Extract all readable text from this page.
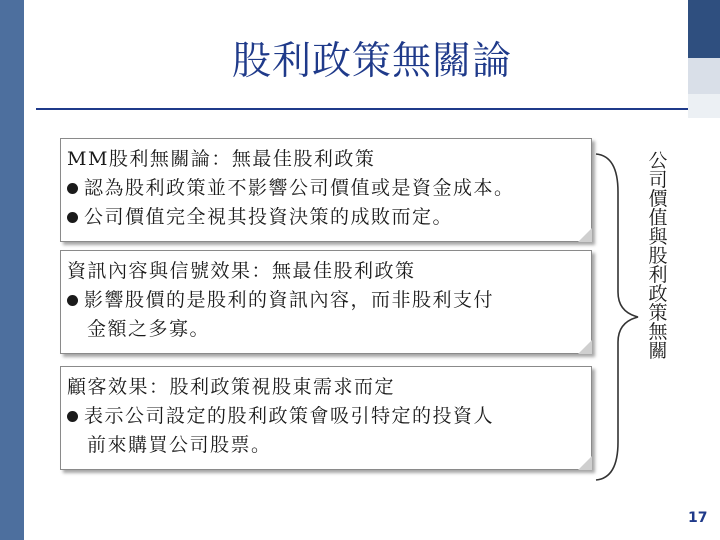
股利政策無關論
MM股利無關論：無最佳股利政策
認為股利政策並不影響公司價值或是資金成本。
公司價值完全視其投資決策的成敗而定。
資訊內容與信號效果：無最佳股利政策
影響股價的是股利的資訊內容，而非股利支付
金額之多寡。
顧客效果：股利政策視股東需求而定
表示公司設定的股利政策會吸引特定的投資人
前來購買公司股票。
公
司
價
值
與
股
利
政
策
無
關
17
